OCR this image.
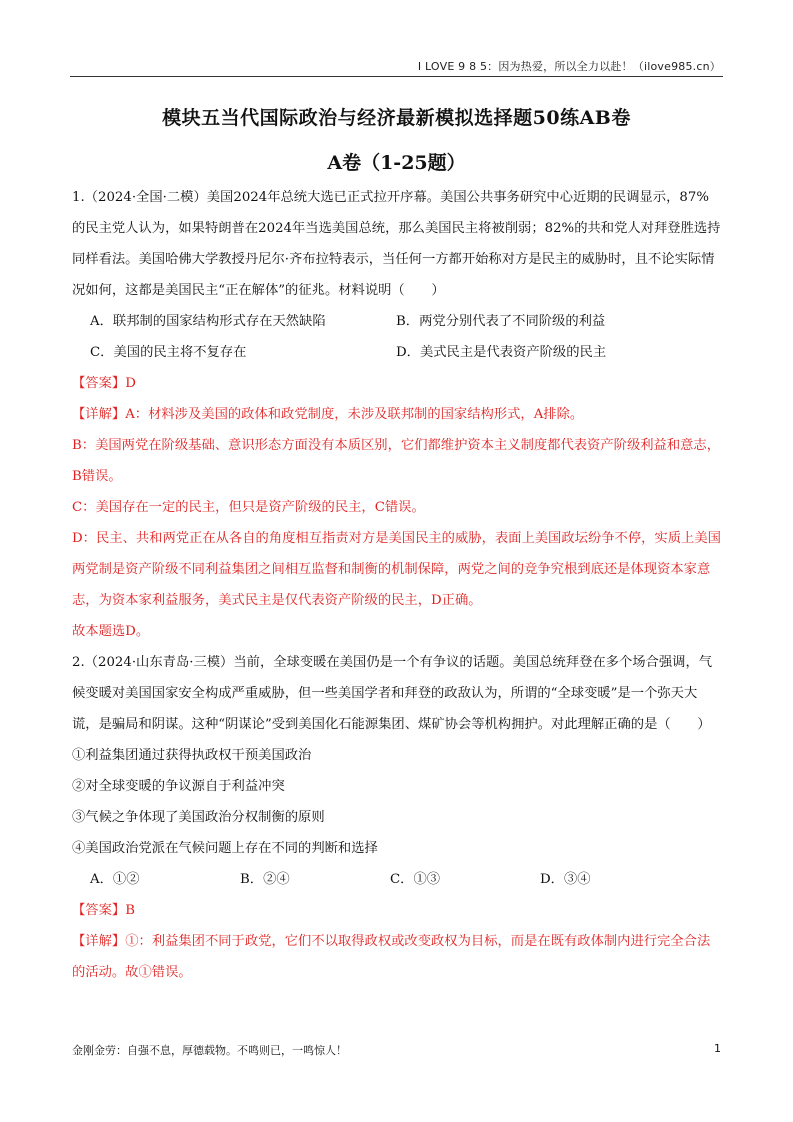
I LOVE 9 8 5：因为热爱，所以全力以赴！（ilove985.cn）
模块五当代国际政治与经济最新模拟选择题50练AB卷
A卷（1-25题）

1.（2024·全国·二模）美国2024年总统大选已正式拉开序幕。美国公共事务研究中心近期的民调显示，87%的民主党人认为，如果特朗普在2024年当选美国总统，那么美国民主将被削弱；82%的共和党人对拜登胜选持同样看法。美国哈佛大学教授丹尼尔·齐布拉特表示，当任何一方都开始称对方是民主的威胁时，且不论实际情况如何，这都是美国民主“正在解体”的征兆。材料说明（　　）

A．联邦制的国家结构形式存在天然缺陷	B．两党分别代表了不同阶级的利益
C．美国的民主将不复存在	D．美式民主是代表资产阶级的民主

【答案】D

【详解】A：材料涉及美国的政体和政党制度，未涉及联邦制的国家结构形式，A排除。

B：美国两党在阶级基础、意识形态方面没有本质区别，它们都维护资本主义制度都代表资产阶级利益和意志，B错误。

C：美国存在一定的民主，但只是资产阶级的民主，C错误。

D：民主、共和两党正在从各自的角度相互指责对方是美国民主的威胁，表面上美国政坛纷争不停，实质上美国两党制是资产阶级不同利益集团之间相互监督和制衡的机制保障，两党之间的竞争究根到底还是体现资本家意志，为资本家利益服务，美式民主是仅代表资产阶级的民主，D正确。

故本题选D。

2.（2024·山东青岛·三模）当前，全球变暖在美国仍是一个有争议的话题。美国总统拜登在多个场合强调，气候变暖对美国国家安全构成严重威胁，但一些美国学者和拜登的政敌认为，所谓的“全球变暖”是一个弥天大谎，是骗局和阴谋。这种“阴谋论”受到美国化石能源集团、煤矿协会等机构拥护。对此理解正确的是（　　）

①利益集团通过获得执政权干预美国政治

②对全球变暖的争议源自于利益冲突

③气候之争体现了美国政治分权制衡的原则

④美国政治党派在气候问题上存在不同的判断和选择

A．①②	B．②④	C．①③	D．③④

【答案】B

【详解】①：利益集团不同于政党，它们不以取得政权或改变政权为目标，而是在既有政体制内进行完全合法的活动。故①错误。

金刚金劳：自强不息，厚德载物。不鸣则已，一鸣惊人！	1
